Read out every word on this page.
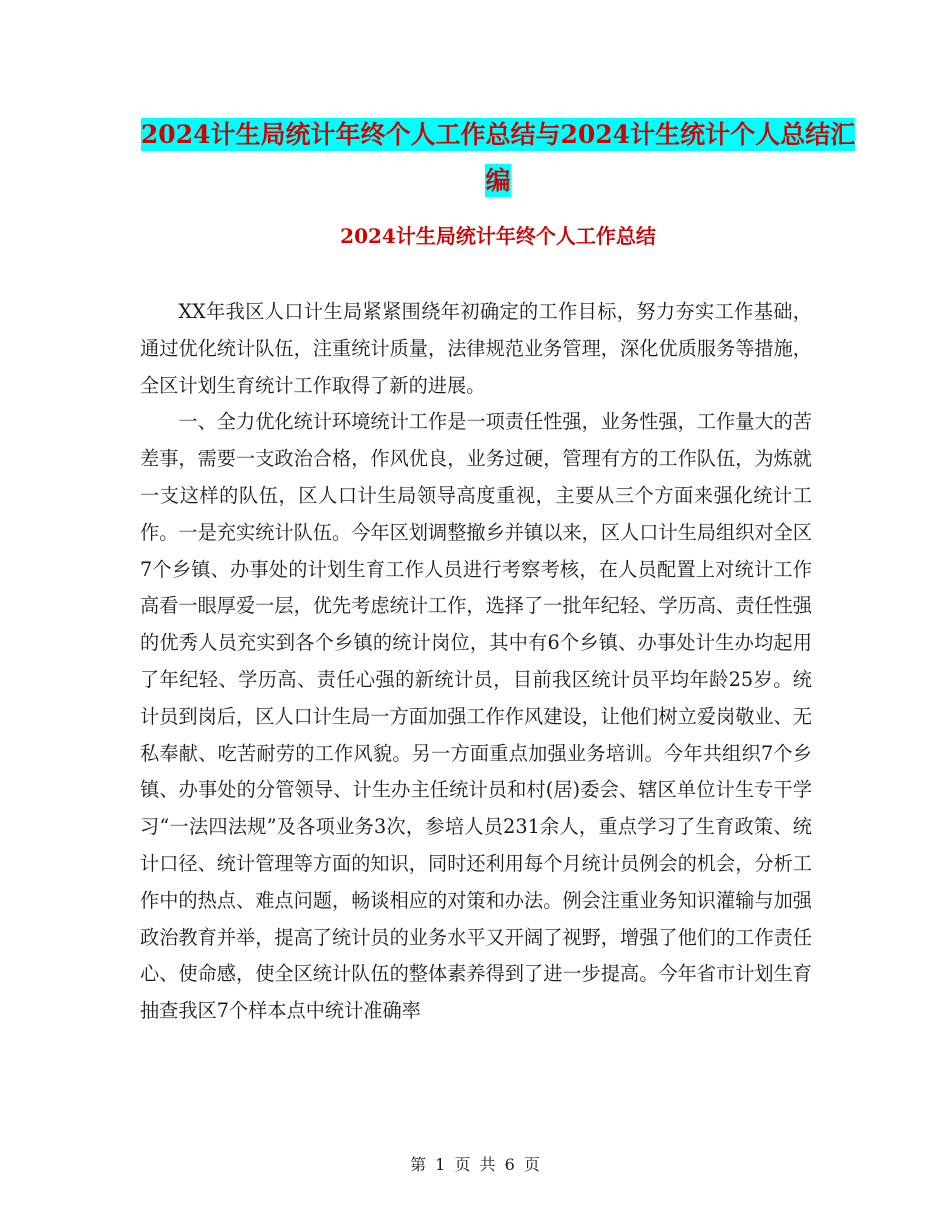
2024计生局统计年终个人工作总结与2024计生统计个人总结汇编
2024计生局统计年终个人工作总结

XX年我区人口计生局紧紧围绕年初确定的工作目标，努力夯实工作基础，通过优化统计队伍，注重统计质量，法律规范业务管理，深化优质服务等措施，全区计划生育统计工作取得了新的进展。

一、全力优化统计环境统计工作是一项责任性强，业务性强，工作量大的苦差事，需要一支政治合格，作风优良，业务过硬，管理有方的工作队伍，为炼就一支这样的队伍，区人口计生局领导高度重视，主要从三个方面来强化统计工作。一是充实统计队伍。今年区划调整撤乡并镇以来，区人口计生局组织对全区7个乡镇、办事处的计划生育工作人员进行考察考核，在人员配置上对统计工作高看一眼厚爱一层，优先考虑统计工作，选择了一批年纪轻、学历高、责任性强的优秀人员充实到各个乡镇的统计岗位，其中有6个乡镇、办事处计生办均起用了年纪轻、学历高、责任心强的新统计员，目前我区统计员平均年龄25岁。统计员到岗后，区人口计生局一方面加强工作作风建设，让他们树立爱岗敬业、无私奉献、吃苦耐劳的工作风貌。另一方面重点加强业务培训。今年共组织7个乡镇、办事处的分管领导、计生办主任统计员和村(居)委会、辖区单位计生专干学习“一法四法规”及各项业务3次，参培人员231余人，重点学习了生育政策、统计口径、统计管理等方面的知识，同时还利用每个月统计员例会的机会，分析工作中的热点、难点问题，畅谈相应的对策和办法。例会注重业务知识灌输与加强政治教育并举，提高了统计员的业务水平又开阔了视野，增强了他们的工作责任心、使命感，使全区统计队伍的整体素养得到了进一步提高。今年省市计划生育抽查我区7个样本点中统计准确率

第 1 页 共 6 页
